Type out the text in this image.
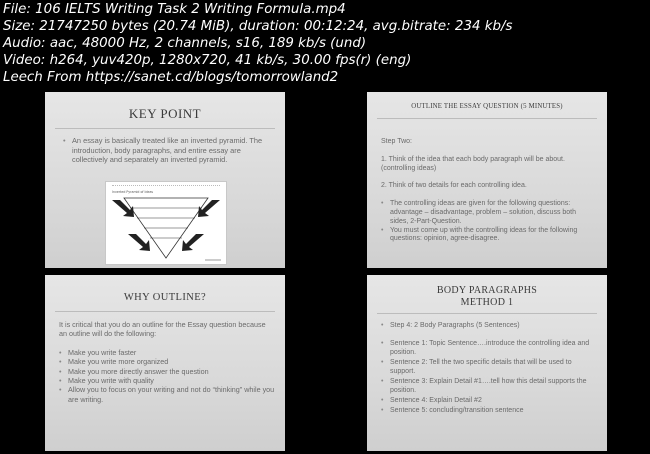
File: 106 IELTS Writing Task 2 Writing Formula.mp4
Size: 21747250 bytes (20.74 MiB), duration: 00:12:24, avg.bitrate: 234 kb/s
Audio: aac, 48000 Hz, 2 channels, s16, 189 kb/s (und)
Video: h264, yuv420p, 1280x720, 41 kb/s, 30.00 fps(r) (eng)
Leech From https://sanet.cd/blogs/tomorrowland2
KEY POINT

• An essay is basically treated like an inverted pyramid. The introduction, body paragraphs, and entire essay are collectively and separately an inverted pyramid.

Inverted Pyramid of Ideas
OUTLINE THE ESSAY QUESTION (5 MINUTES)

Step Two:

1. Think of the idea that each body paragraph will be about. (controlling ideas)

2. Think of two details for each controlling idea.

• The controlling ideas are given for the following questions: advantage – disadvantage, problem – solution, discuss both sides, 2-Part-Question.

• You must come up with the controlling ideas for the following questions: opinion, agree-disagree.

WHY OUTLINE?

It is critical that you do an outline for the Essay question because an outline will do the following:

• Make you write faster

• Make you write more organized

• Make you more directly answer the question

• Make you write with quality

• Allow you to focus on your writing and not do “thinking” while you are writing.

BODY PARAGRAPHS
METHOD 1

• Step 4: 2 Body Paragraphs (5 Sentences)

• Sentence 1: Topic Sentence….introduce the controlling idea and position.

• Sentence 2: Tell the two specific details that will be used to support.

• Sentence 3: Explain Detail #1….tell how this detail supports the position.

• Sentence 4: Explain Detail #2

• Sentence 5: concluding/transition sentence
